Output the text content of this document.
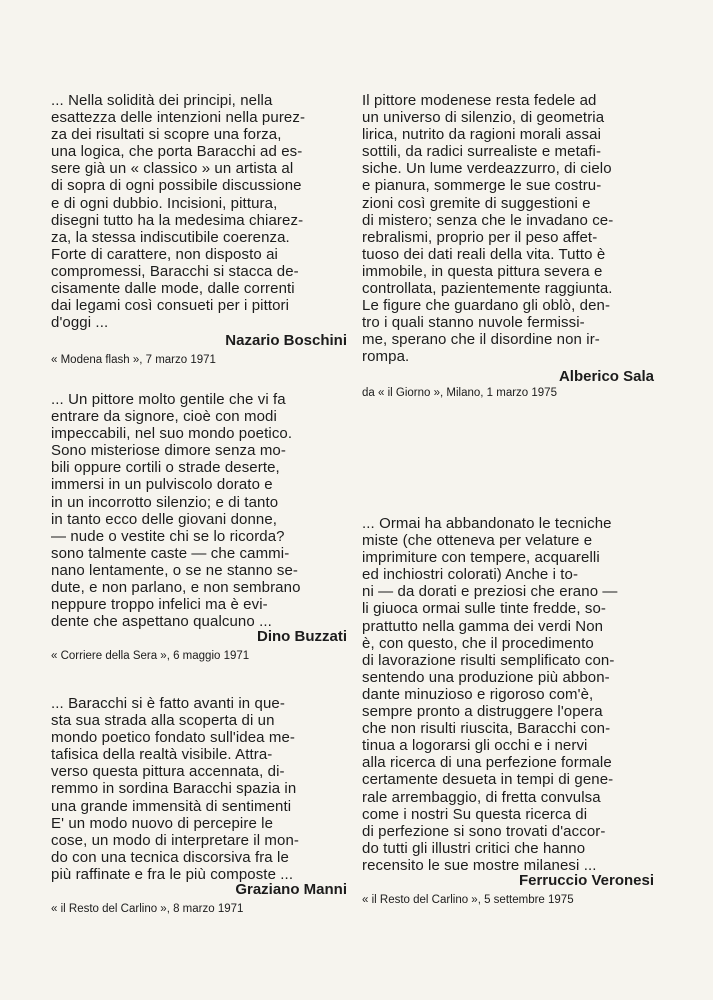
... Nella solidità dei principi, nella
esattezza delle intenzioni nella purez-
za dei risultati si scopre una forza,
una logica, che porta Baracchi ad es-
sere già un « classico » un artista al
di sopra di ogni possibile discussione
e di ogni dubbio. Incisioni, pittura,
disegni tutto ha la medesima chiarez-
za, la stessa indiscutibile coerenza.
Forte di carattere, non disposto ai
compromessi, Baracchi si stacca de-
cisamente dalle mode, dalle correnti
dai legami così consueti per i pittori
d'oggi ...
Nazario Boschini
« Modena flash », 7 marzo 1971
... Un pittore molto gentile che vi fa
entrare da signore, cioè con modi
impeccabili, nel suo mondo poetico.
Sono misteriose dimore senza mo-
bili oppure cortili o strade deserte,
immersi in un pulviscolo dorato e
in un incorrotto silenzio; e di tanto
in tanto ecco delle giovani donne,
— nude o vestite chi se lo ricorda?
sono talmente caste — che cammi-
nano lentamente, o se ne stanno se-
dute, e non parlano, e non sembrano
neppure troppo infelici ma è evi-
dente che aspettano qualcuno ...
Dino Buzzati
« Corriere della Sera », 6 maggio 1971
... Baracchi si è fatto avanti in que-
sta sua strada alla scoperta di un
mondo poetico fondato sull'idea me-
tafisica della realtà visibile. Attra-
verso questa pittura accennata, di-
remmo in sordina Baracchi spazia in
una grande immensità di sentimenti
E' un modo nuovo di percepire le
cose, un modo di interpretare il mon-
do con una tecnica discorsiva fra le
più raffinate e fra le più composte ...
Graziano Manni
« il Resto del Carlino », 8 marzo 1971
Il pittore modenese resta fedele ad
un universo di silenzio, di geometria
lirica, nutrito da ragioni morali assai
sottili, da radici surrealiste e metafi-
siche. Un lume verdeazzurro, di cielo
e pianura, sommerge le sue costru-
zioni così gremite di suggestioni e
di mistero; senza che le invadano ce-
rebralismi, proprio per il peso affet-
tuoso dei dati reali della vita. Tutto è
immobile, in questa pittura severa e
controllata, pazientemente raggiunta.
Le figure che guardano gli oblò, den-
tro i quali stanno nuvole fermissi-
me, sperano che il disordine non ir-
rompa.
Alberico Sala
da « il Giorno », Milano, 1 marzo 1975
... Ormai ha abbandonato le tecniche
miste (che otteneva per velature e
imprimiture con tempere, acquarelli
ed inchiostri colorati) Anche i to-
ni — da dorati e preziosi che erano —
li giuoca ormai sulle tinte fredde, so-
prattutto nella gamma dei verdi Non
è, con questo, che il procedimento
di lavorazione risulti semplificato con-
sentendo una produzione più abbon-
dante minuzioso e rigoroso com'è,
sempre pronto a distruggere l'opera
che non risulti riuscita, Baracchi con-
tinua a logorarsi gli occhi e i nervi
alla ricerca di una perfezione formale
certamente desueta in tempi di gene-
rale arrembaggio, di fretta convulsa
come i nostri Su questa ricerca di
di perfezione si sono trovati d'accor-
do tutti gli illustri critici che hanno
recensito le sue mostre milanesi ...
Ferruccio Veronesi
« il Resto del Carlino », 5 settembre 1975
